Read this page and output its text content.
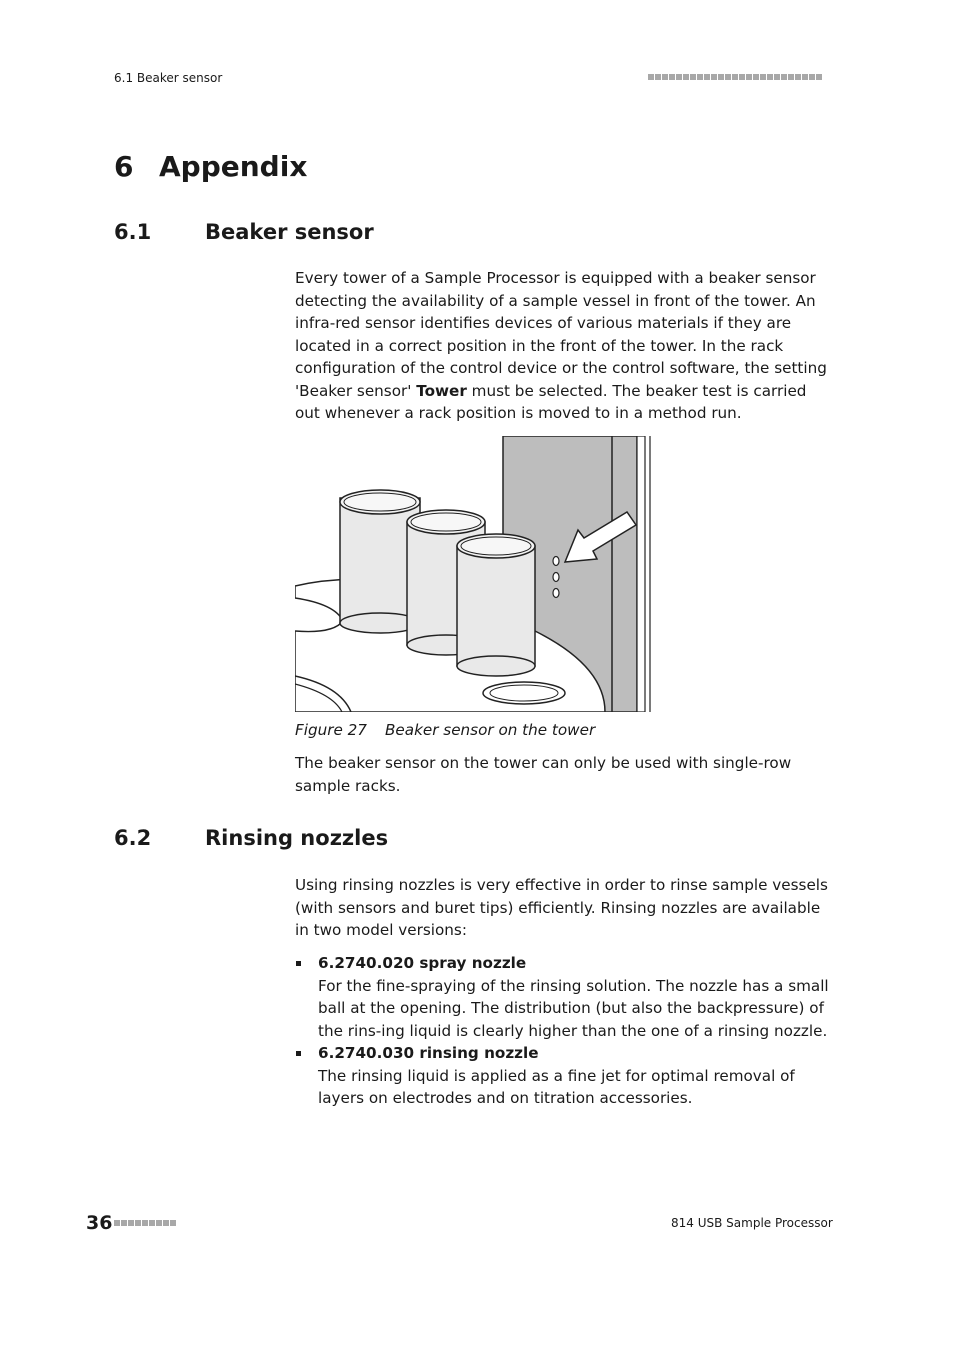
6.1 Beaker sensor
6 Appendix
6.1	Beaker sensor

Every tower of a Sample Processor is equipped with a beaker sensor detecting the availability of a sample vessel in front of the tower. An infra-red sensor identifies devices of various materials if they are located in a correct position in the front of the tower. In the rack configuration of the control device or the control software, the setting 'Beaker sensor' Tower must be selected. The beaker test is carried out whenever a rack position is moved to in a method run.

Figure 27 Beaker sensor on the tower

The beaker sensor on the tower can only be used with single-row sample racks.

6.2	Rinsing nozzles

Using rinsing nozzles is very effective in order to rinse sample vessels (with sensors and buret tips) efficiently. Rinsing nozzles are available in two model versions:

6.2740.020 spray nozzle
For the fine-spraying of the rinsing solution. The nozzle has a small ball at the opening. The distribution (but also the backpressure) of the rins-ing liquid is clearly higher than the one of a rinsing nozzle.
6.2740.030 rinsing nozzle
The rinsing liquid is applied as a fine jet for optimal removal of layers on electrodes and on titration accessories.
36	814 USB Sample Processor
